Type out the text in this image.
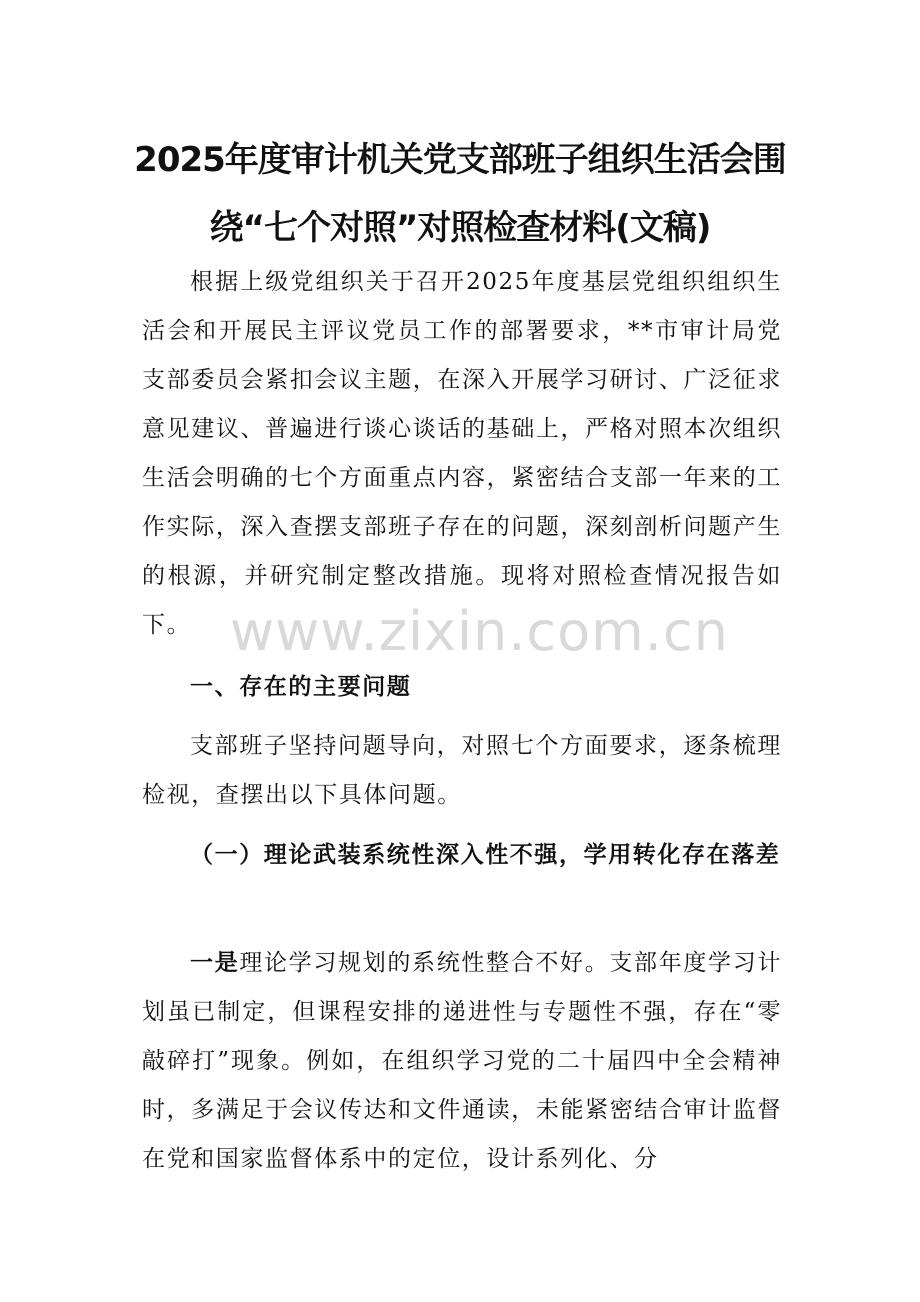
2025年度审计机关党支部班子组织生活会围
绕“七个对照”对照检查材料(文稿)

根据上级党组织关于召开2025年度基层党组织组织生活会和开展民主评议党员工作的部署要求，**市审计局党支部委员会紧扣会议主题，在深入开展学习研讨、广泛征求意见建议、普遍进行谈心谈话的基础上，严格对照本次组织生活会明确的七个方面重点内容，紧密结合支部一年来的工作实际，深入查摆支部班子存在的问题，深刻剖析问题产生的根源，并研究制定整改措施。现将对照检查情况报告如下。

一、存在的主要问题

支部班子坚持问题导向，对照七个方面要求，逐条梳理检视，查摆出以下具体问题。

（一）理论武装系统性深入性不强，学用转化存在落差

一是理论学习规划的系统性整合不好。支部年度学习计划虽已制定，但课程安排的递进性与专题性不强，存在“零敲碎打”现象。例如，在组织学习党的二十届四中全会精神时，多满足于会议传达和文件通读，未能紧密结合审计监督在党和国家监督体系中的定位，设计系列化、分

www.zixin.com.cn
